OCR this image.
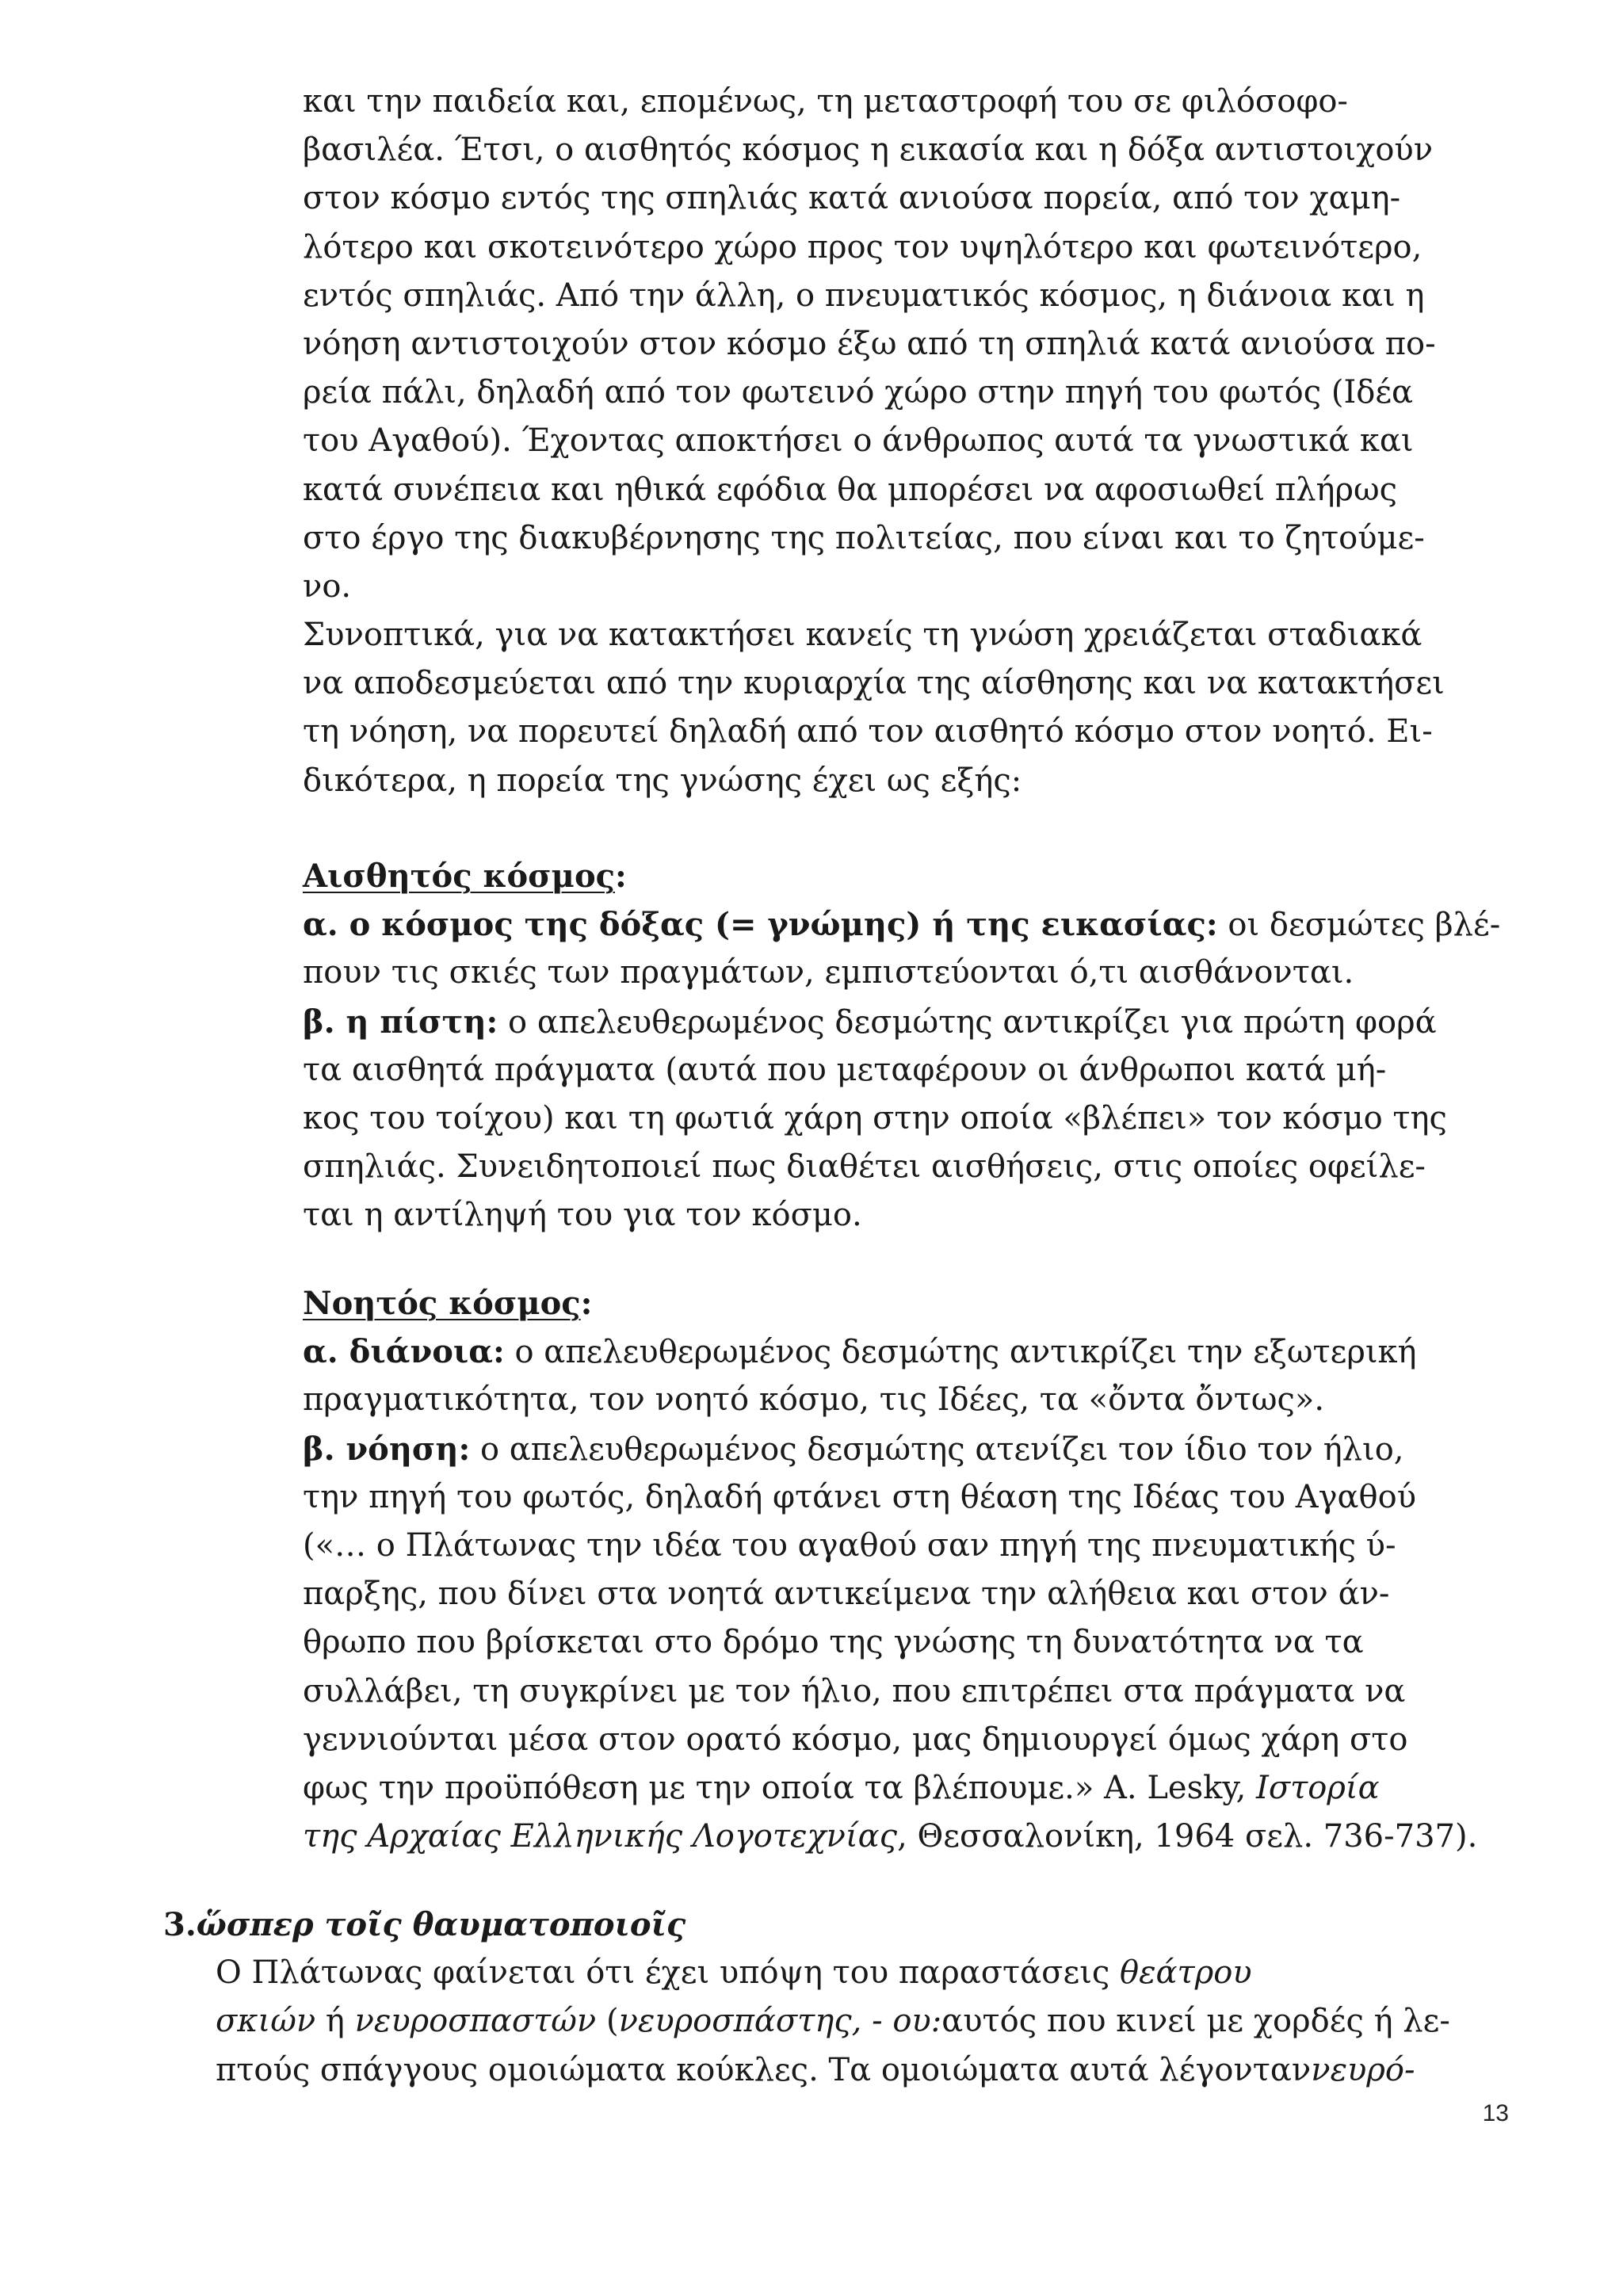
και την παιδεία και, επομένως, τη μεταστροφή του σε φιλόσοφο-
βασιλέα. Έτσι, ο αισθητός κόσμος η εικασία και η δόξα αντιστοιχούν
στον κόσμο εντός της σπηλιάς κατά ανιούσα πορεία, από τον χαμη-
λότερο και σκοτεινότερο χώρο προς τον υψηλότερο και φωτεινότερο,
εντός σπηλιάς. Από την άλλη, ο πνευματικός κόσμος, η διάνοια και η
νόηση αντιστοιχούν στον κόσμο έξω από τη σπηλιά κατά ανιούσα πο-
ρεία πάλι, δηλαδή από τον φωτεινό χώρο στην πηγή του φωτός (Ιδέα
του Αγαθού). Έχοντας αποκτήσει ο άνθρωπος αυτά τα γνωστικά και
κατά συνέπεια και ηθικά εφόδια θα μπορέσει να αφοσιωθεί πλήρως
στο έργο της διακυβέρνησης της πολιτείας, που είναι και το ζητούμε-
νο.
Συνοπτικά, για να κατακτήσει κανείς τη γνώση χρειάζεται σταδιακά
να αποδεσμεύεται από την κυριαρχία της αίσθησης και να κατακτήσει
τη νόηση, να πορευτεί δηλαδή από τον αισθητό κόσμο στον νοητό. Ει-
δικότερα, η πορεία της γνώσης έχει ως εξής:
Αισθητός κόσμος:
α. ο κόσμος της δόξας (= γνώμης) ή της εικασίας: οι δεσμώτες βλέ-
πουν τις σκιές των πραγμάτων, εμπιστεύονται ό,τι αισθάνονται.
β. η πίστη: ο απελευθερωμένος δεσμώτης αντικρίζει για πρώτη φορά
τα αισθητά πράγματα (αυτά που μεταφέρουν οι άνθρωποι κατά μή-
κος του τοίχου) και τη φωτιά χάρη στην οποία «βλέπει» τον κόσμο της
σπηλιάς. Συνειδητοποιεί πως διαθέτει αισθήσεις, στις οποίες οφείλε-
ται η αντίληψή του για τον κόσμο.
Νοητός κόσμος:
α. διάνοια: ο απελευθερωμένος δεσμώτης αντικρίζει την εξωτερική
πραγματικότητα, τον νοητό κόσμο, τις Ιδέες, τα «ὄντα ὄντως».
β. νόηση: ο απελευθερωμένος δεσμώτης ατενίζει τον ίδιο τον ήλιο,
την πηγή του φωτός, δηλαδή φτάνει στη θέαση της Ιδέας του Αγαθού
(«… ο Πλάτωνας την ιδέα του αγαθού σαν πηγή της πνευματικής ύ-
παρξης, που δίνει στα νοητά αντικείμενα την αλήθεια και στον άν-
θρωπο που βρίσκεται στο δρόμο της γνώσης τη δυνατότητα να τα
συλλάβει, τη συγκρίνει με τον ήλιο, που επιτρέπει στα πράγματα να
γεννιούνται μέσα στον ορατό κόσμο, μας δημιουργεί όμως χάρη στο
φως την προϋπόθεση με την οποία τα βλέπουμε.» A. Lesky, Ιστορία
της Αρχαίας Ελληνικής Λογοτεχνίας, Θεσσαλονίκη, 1964 σελ. 736-737).
3.ὥσπερ τοῖς θαυματοποιοῖς
Ο Πλάτωνας φαίνεται ότι έχει υπόψη του παραστάσεις θεάτρου
σκιών ή νευροσπαστών (νευροσπάστης, - ου:αυτός που κινεί με χορδές ή λε-
πτούς σπάγγους ομοιώματα κούκλες. Τα ομοιώματα αυτά λέγονταννευρό-
13
